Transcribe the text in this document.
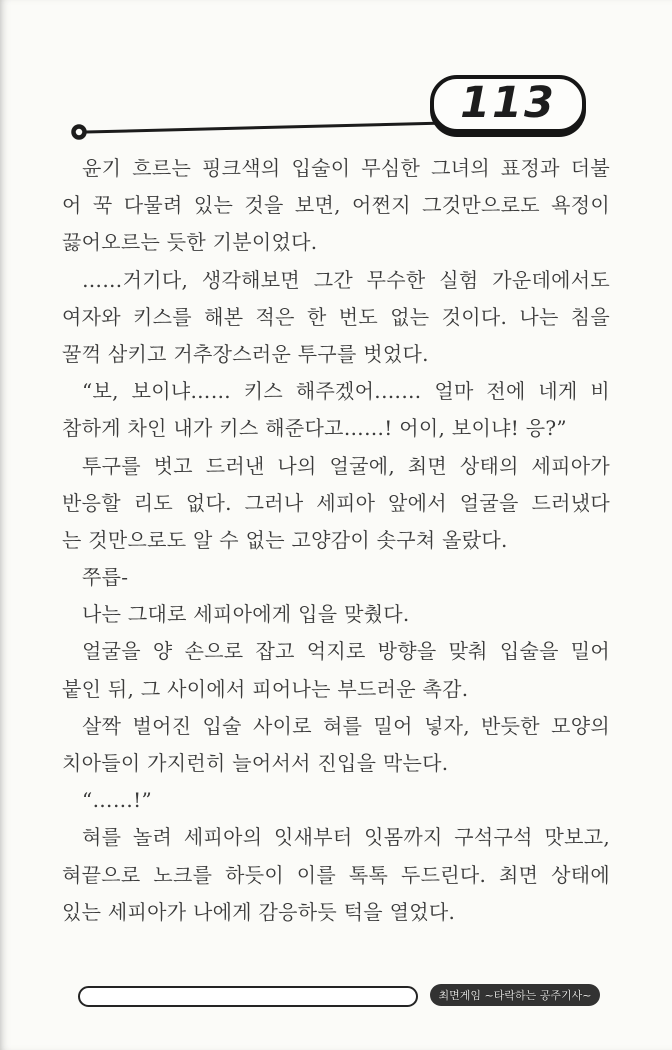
113
윤기 흐르는 핑크색의 입술이 무심한 그녀의 표정과 더불
어 꾹 다물려 있는 것을 보면, 어쩐지 그것만으로도 욕정이
끓어오르는 듯한 기분이었다.
……거기다, 생각해보면 그간 무수한 실험 가운데에서도
여자와 키스를 해본 적은 한 번도 없는 것이다. 나는 침을
꿀꺽 삼키고 거추장스러운 투구를 벗었다.
“보, 보이냐…… 키스 해주겠어.…… 얼마 전에 네게 비
참하게 차인 내가 키스 해준다고……! 어이, 보이냐! 응?”
투구를 벗고 드러낸 나의 얼굴에, 최면 상태의 세피아가
반응할 리도 없다. 그러나 세피아 앞에서 얼굴을 드러냈다
는 것만으로도 알 수 없는 고양감이 솟구쳐 올랐다.
쭈릅-
나는 그대로 세피아에게 입을 맞췄다.
얼굴을 양 손으로 잡고 억지로 방향을 맞춰 입술을 밀어
붙인 뒤, 그 사이에서 피어나는 부드러운 촉감.
살짝 벌어진 입술 사이로 혀를 밀어 넣자, 반듯한 모양의
치아들이 가지런히 늘어서서 진입을 막는다.
“……!”
혀를 놀려 세피아의 잇새부터 잇몸까지 구석구석 맛보고,
혀끝으로 노크를 하듯이 이를 톡톡 두드린다. 최면 상태에
있는 세피아가 나에게 감응하듯 턱을 열었다.
최면게임 ~타락하는 공주기사~
